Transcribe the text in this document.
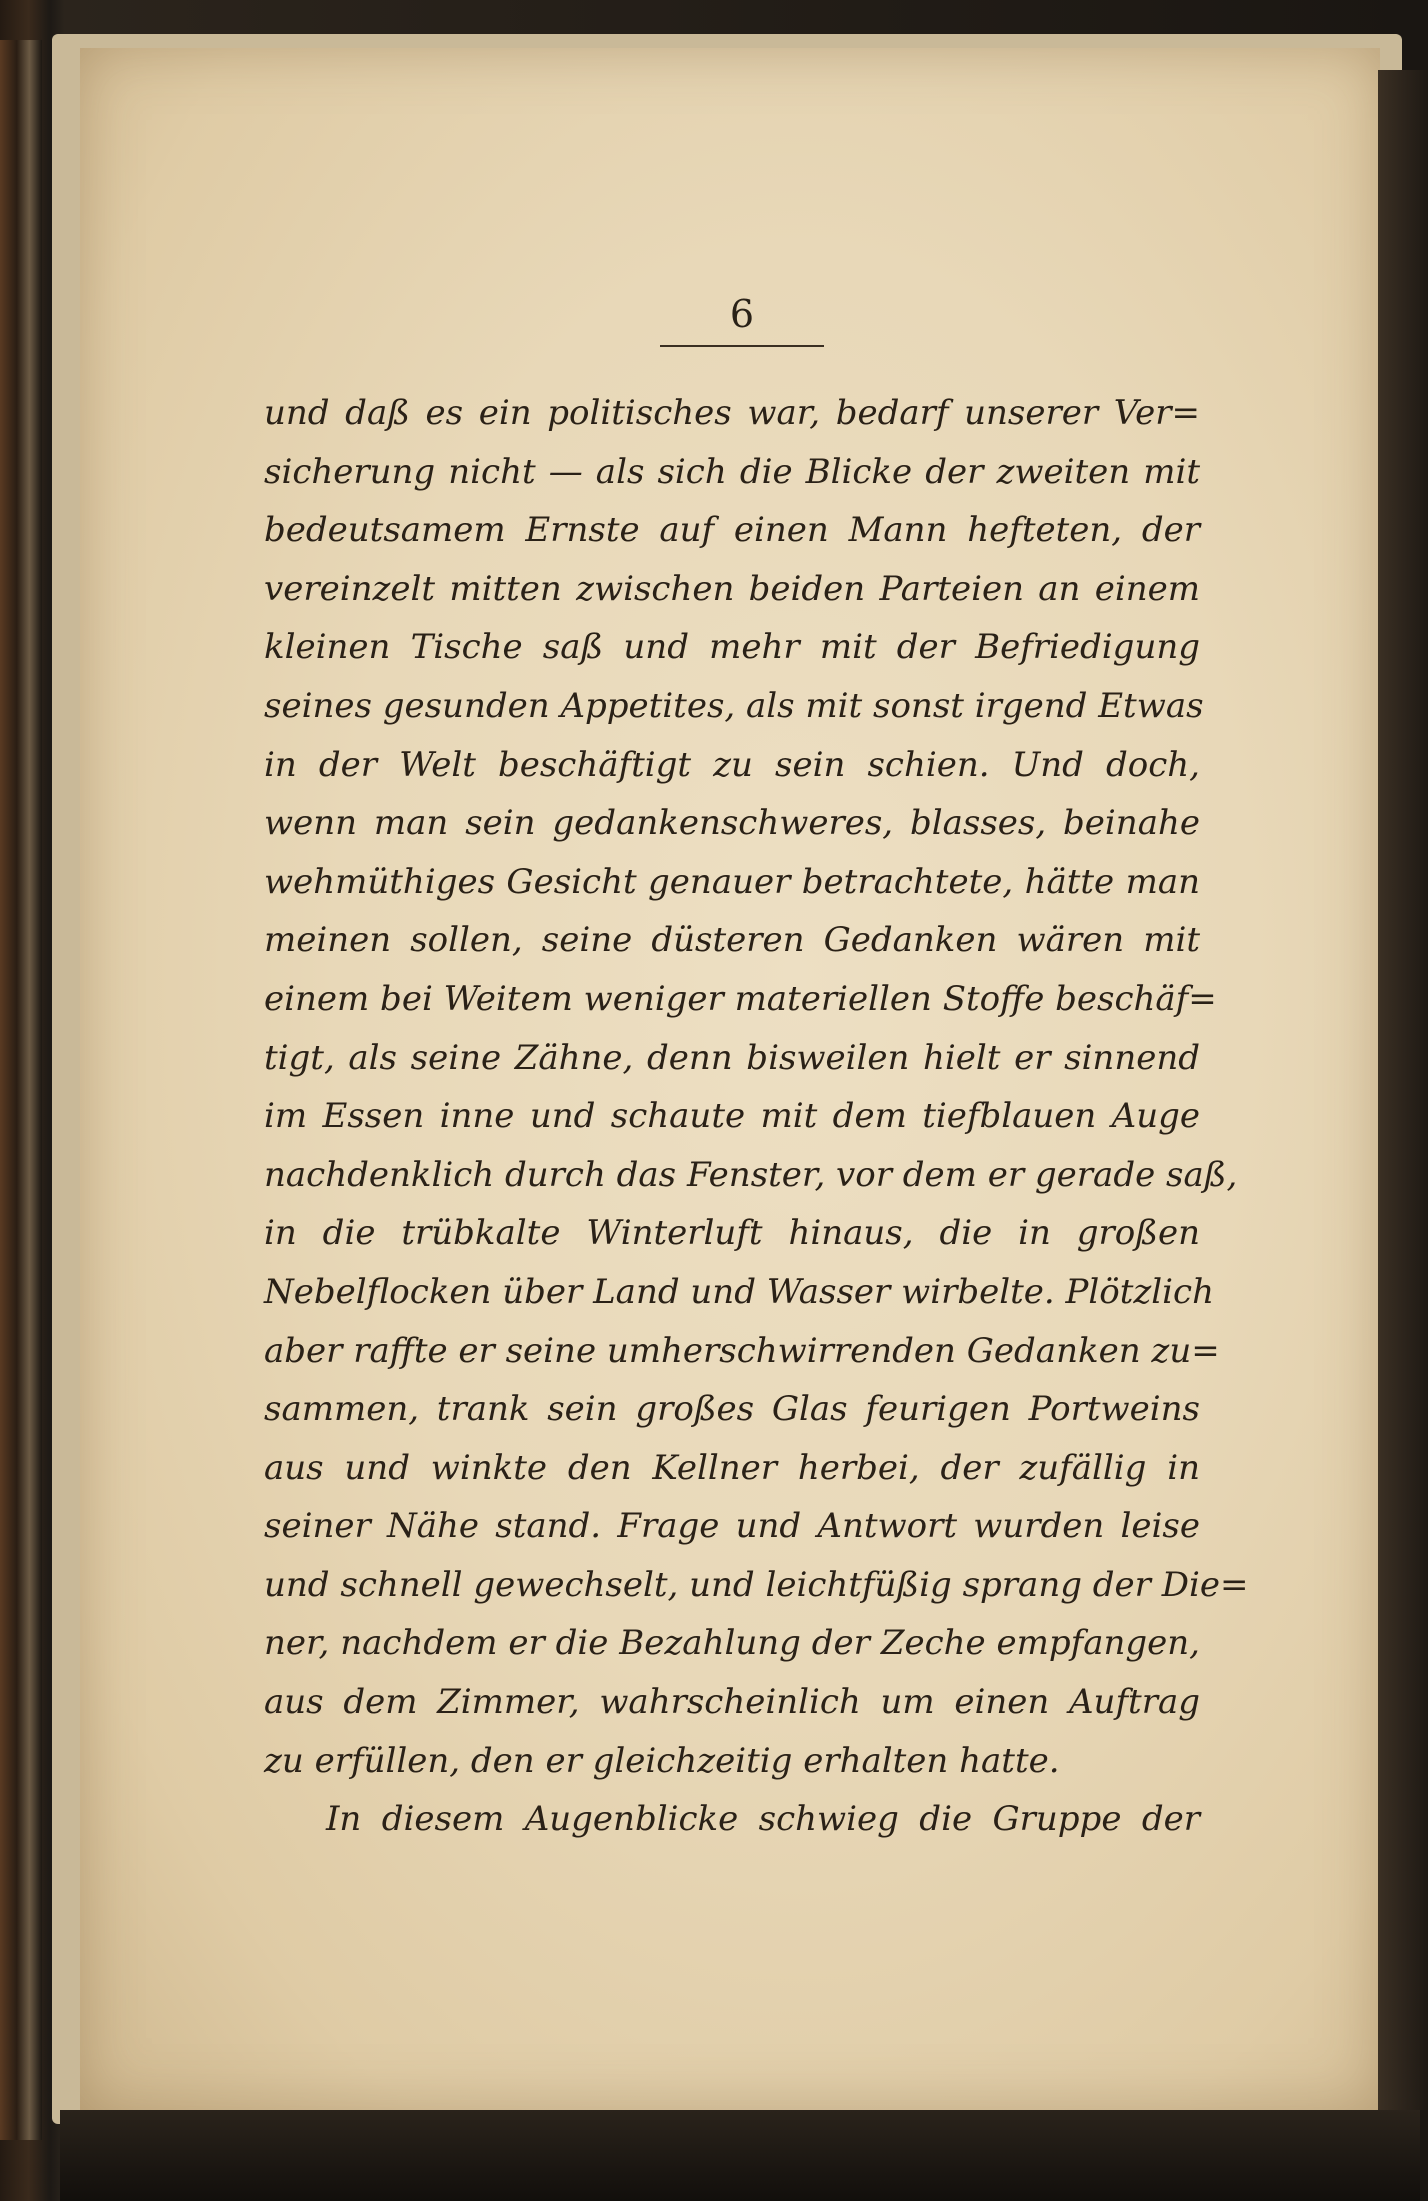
6
und daß es ein politisches war, bedarf unserer Ver=
sicherung nicht — als sich die Blicke der zweiten mit
bedeutsamem Ernste auf einen Mann hefteten, der
vereinzelt mitten zwischen beiden Parteien an einem
kleinen Tische saß und mehr mit der Befriedigung
seines gesunden Appetites, als mit sonst irgend Etwas
in der Welt beschäftigt zu sein schien. Und doch,
wenn man sein gedankenschweres, blasses, beinahe
wehmüthiges Gesicht genauer betrachtete, hätte man
meinen sollen, seine düsteren Gedanken wären mit
einem bei Weitem weniger materiellen Stoffe beschäf=
tigt, als seine Zähne, denn bisweilen hielt er sinnend
im Essen inne und schaute mit dem tiefblauen Auge
nachdenklich durch das Fenster, vor dem er gerade saß,
in die trübkalte Winterluft hinaus, die in großen
Nebelflocken über Land und Wasser wirbelte. Plötzlich
aber raffte er seine umherschwirrenden Gedanken zu=
sammen, trank sein großes Glas feurigen Portweins
aus und winkte den Kellner herbei, der zufällig in
seiner Nähe stand. Frage und Antwort wurden leise
und schnell gewechselt, und leichtfüßig sprang der Die=
ner, nachdem er die Bezahlung der Zeche empfangen,
aus dem Zimmer, wahrscheinlich um einen Auftrag
zu erfüllen, den er gleichzeitig erhalten hatte.
In diesem Augenblicke schwieg die Gruppe der
